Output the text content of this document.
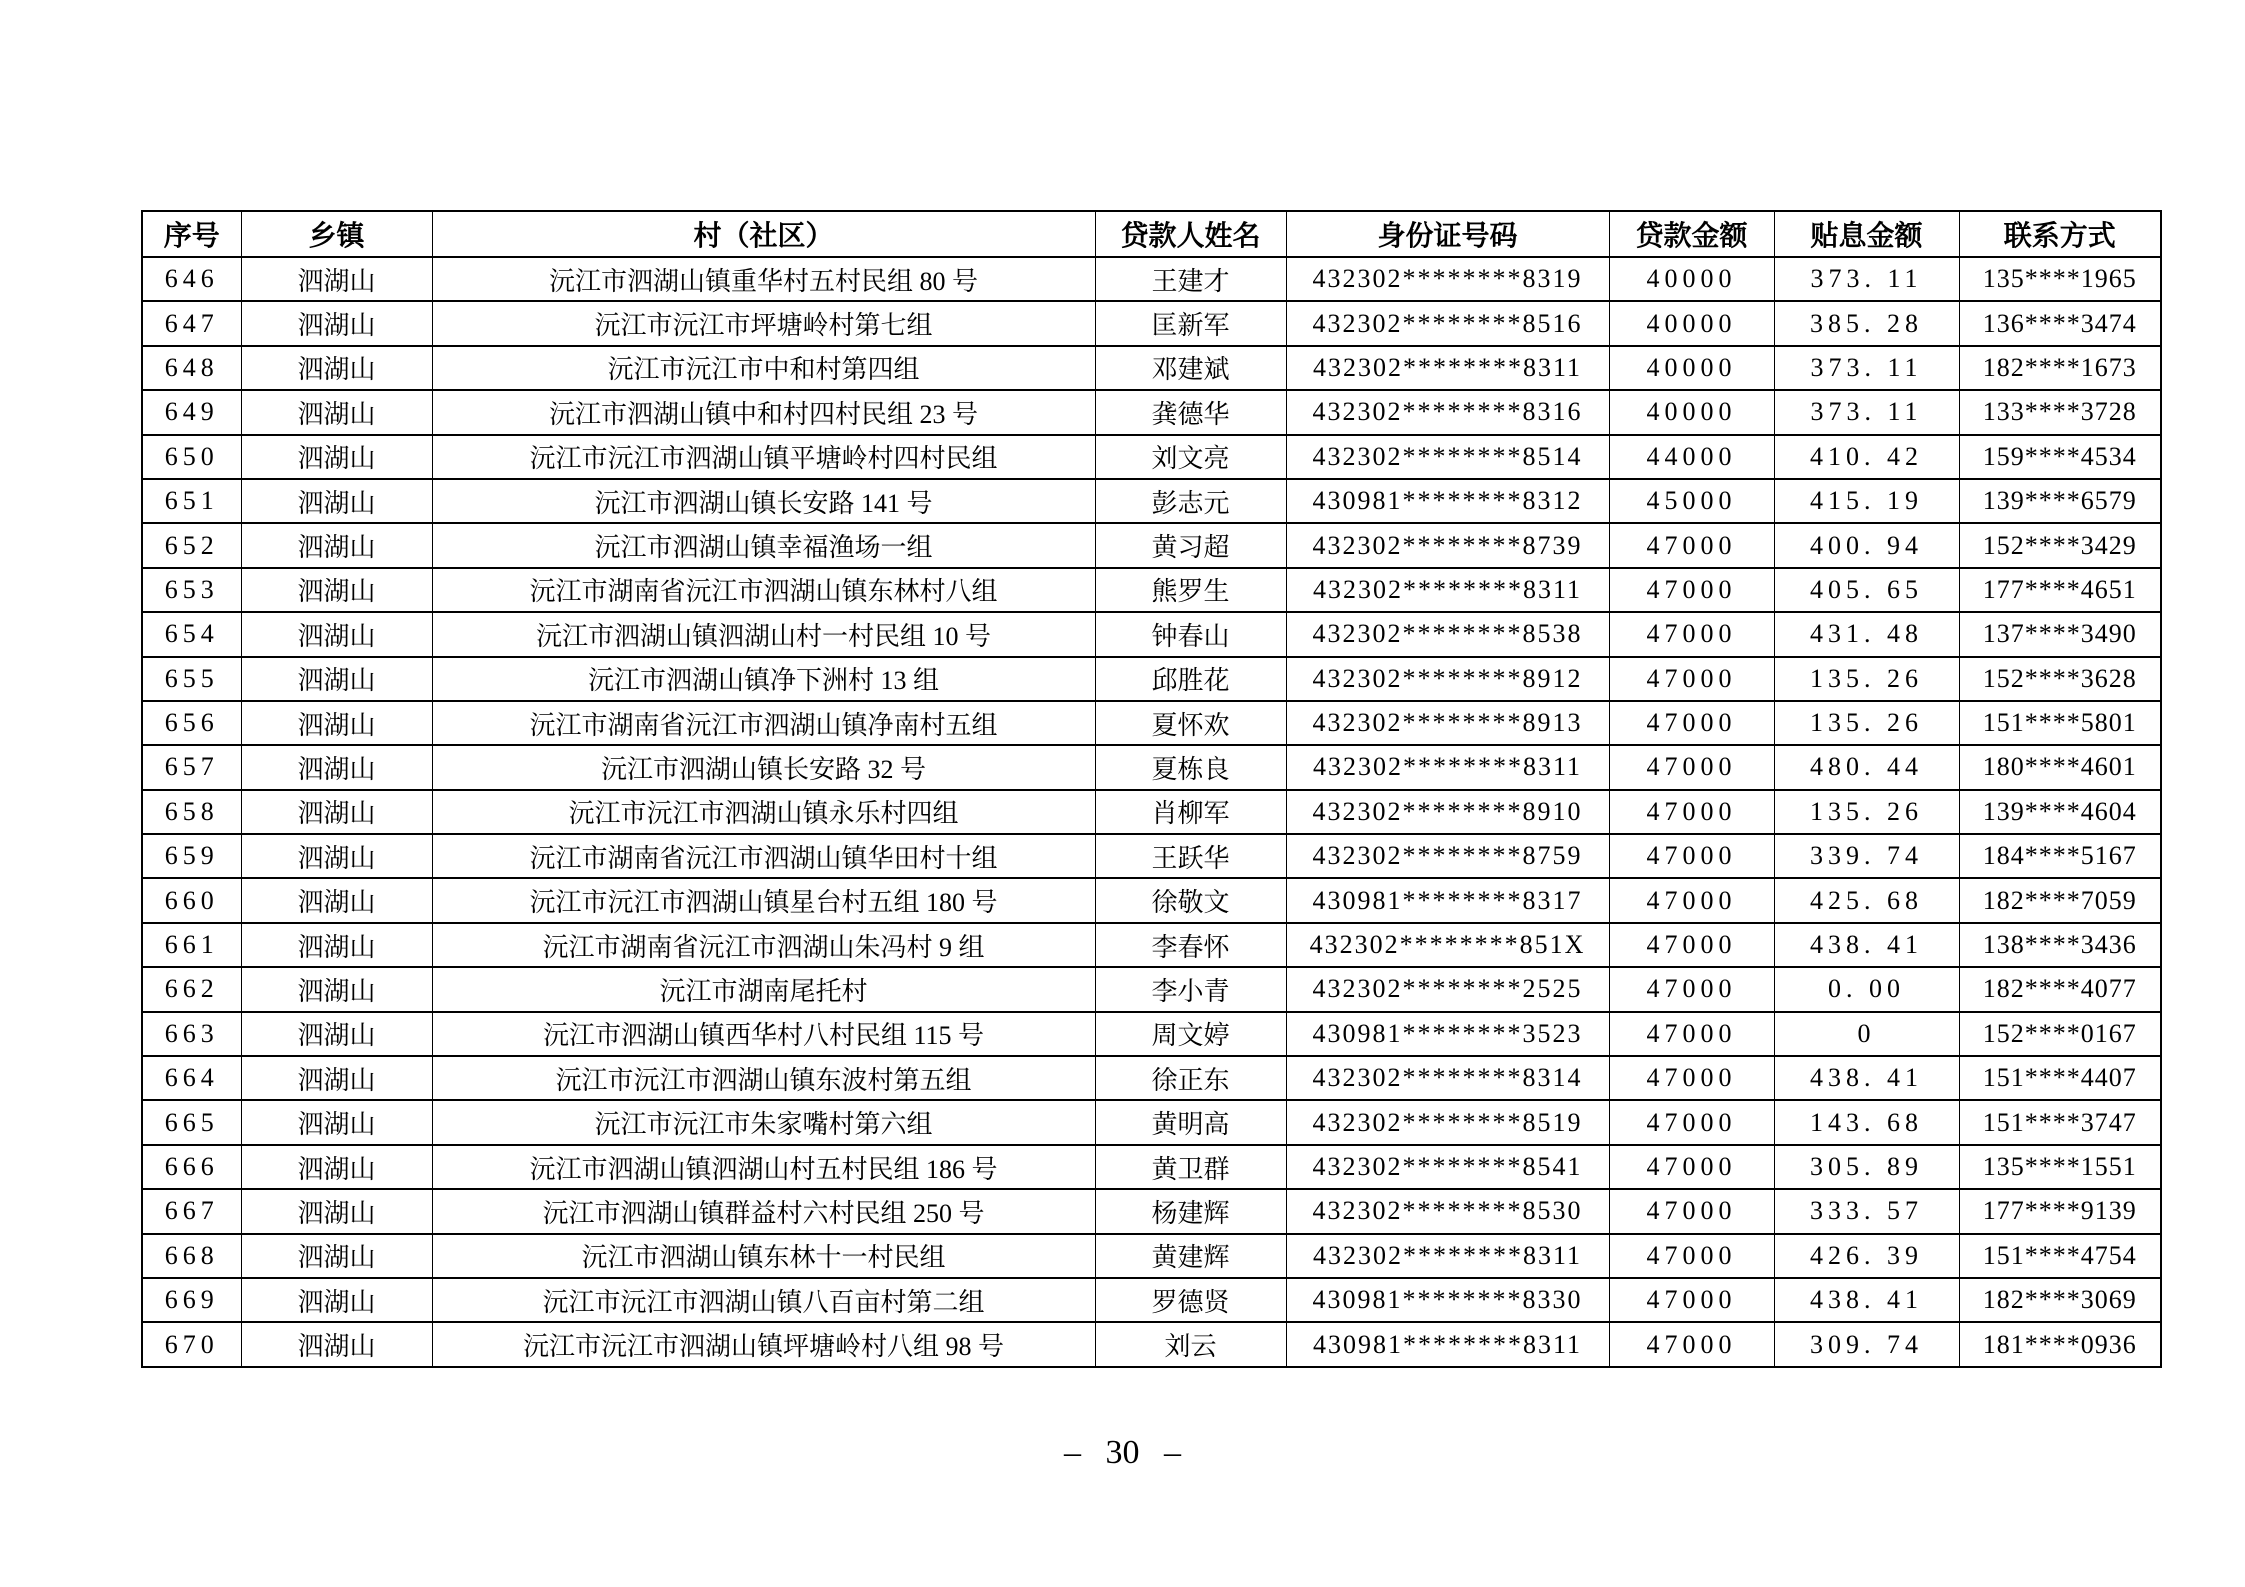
序号	乡镇	村（社区）	贷款人姓名	身份证号码	贷款金额	贴息金额	联系方式
646	泗湖山	沅江市泗湖山镇重华村五村民组 80 号	王建才	432302********8319	40000	373. 11	135****1965
647	泗湖山	沅江市沅江市坪塘岭村第七组	匡新军	432302********8516	40000	385. 28	136****3474
648	泗湖山	沅江市沅江市中和村第四组	邓建斌	432302********8311	40000	373. 11	182****1673
649	泗湖山	沅江市泗湖山镇中和村四村民组 23 号	龚德华	432302********8316	40000	373. 11	133****3728
650	泗湖山	沅江市沅江市泗湖山镇平塘岭村四村民组	刘文亮	432302********8514	44000	410. 42	159****4534
651	泗湖山	沅江市泗湖山镇长安路 141 号	彭志元	430981********8312	45000	415. 19	139****6579
652	泗湖山	沅江市泗湖山镇幸福渔场一组	黄习超	432302********8739	47000	400. 94	152****3429
653	泗湖山	沅江市湖南省沅江市泗湖山镇东林村八组	熊罗生	432302********8311	47000	405. 65	177****4651
654	泗湖山	沅江市泗湖山镇泗湖山村一村民组 10 号	钟春山	432302********8538	47000	431. 48	137****3490
655	泗湖山	沅江市泗湖山镇净下洲村 13 组	邱胜花	432302********8912	47000	135. 26	152****3628
656	泗湖山	沅江市湖南省沅江市泗湖山镇净南村五组	夏怀欢	432302********8913	47000	135. 26	151****5801
657	泗湖山	沅江市泗湖山镇长安路 32 号	夏栋良	432302********8311	47000	480. 44	180****4601
658	泗湖山	沅江市沅江市泗湖山镇永乐村四组	肖柳军	432302********8910	47000	135. 26	139****4604
659	泗湖山	沅江市湖南省沅江市泗湖山镇华田村十组	王跃华	432302********8759	47000	339. 74	184****5167
660	泗湖山	沅江市沅江市泗湖山镇星台村五组 180 号	徐敬文	430981********8317	47000	425. 68	182****7059
661	泗湖山	沅江市湖南省沅江市泗湖山朱冯村 9 组	李春怀	432302********851X	47000	438. 41	138****3436
662	泗湖山	沅江市湖南尾托村	李小青	432302********2525	47000	0. 00	182****4077
663	泗湖山	沅江市泗湖山镇西华村八村民组 115 号	周文婷	430981********3523	47000	0	152****0167
664	泗湖山	沅江市沅江市泗湖山镇东波村第五组	徐正东	432302********8314	47000	438. 41	151****4407
665	泗湖山	沅江市沅江市朱家嘴村第六组	黄明高	432302********8519	47000	143. 68	151****3747
666	泗湖山	沅江市泗湖山镇泗湖山村五村民组 186 号	黄卫群	432302********8541	47000	305. 89	135****1551
667	泗湖山	沅江市泗湖山镇群益村六村民组 250 号	杨建辉	432302********8530	47000	333. 57	177****9139
668	泗湖山	沅江市泗湖山镇东林十一村民组	黄建辉	432302********8311	47000	426. 39	151****4754
669	泗湖山	沅江市沅江市泗湖山镇八百亩村第二组	罗德贤	430981********8330	47000	438. 41	182****3069
670	泗湖山	沅江市沅江市泗湖山镇坪塘岭村八组 98 号	刘云	430981********8311	47000	309. 74	181****0936
– 30 –
